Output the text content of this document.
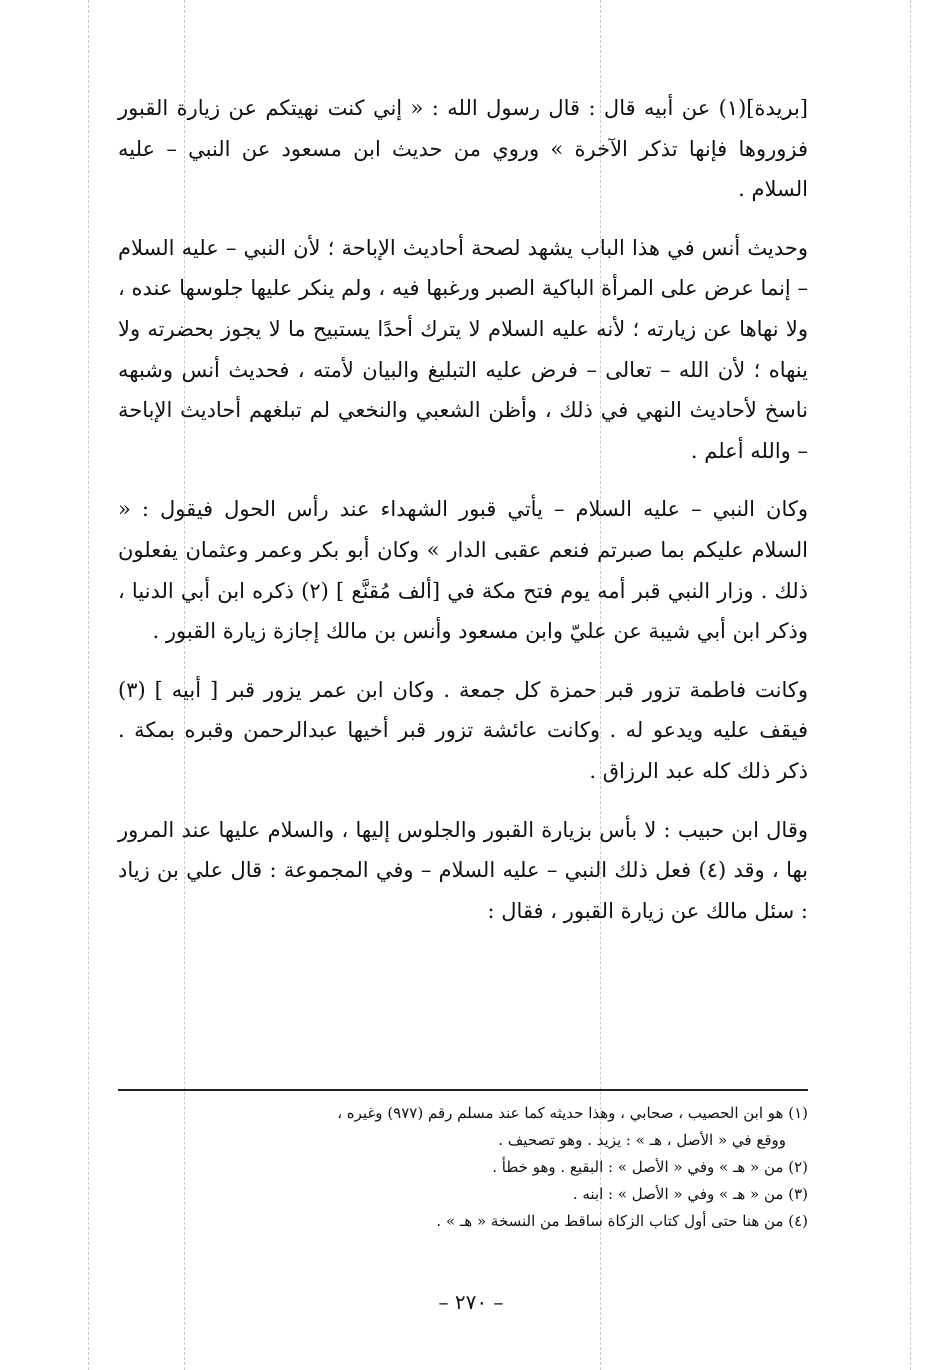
[بريدة](١) عن أبيه قال : قال رسول الله : « إني كنت نهيتكم عن زيارة القبور فزوروها فإنها تذكر الآخرة » وروي من حديث ابن مسعود عن النبي – عليه السلام .

وحديث أنس في هذا الباب يشهد لصحة أحاديث الإباحة ؛ لأن النبي – عليه السلام – إنما عرض على المرأة الباكية الصبر ورغبها فيه ، ولم ينكر عليها جلوسها عنده ، ولا نهاها عن زيارته ؛ لأنه عليه السلام لا يترك أحدًا يستبيح ما لا يجوز بحضرته ولا ينهاه ؛ لأن الله – تعالى – فرض عليه التبليغ والبيان لأمته ، فحديث أنس وشبهه ناسخ لأحاديث النهي في ذلك ، وأظن الشعبي والنخعي لم تبلغهم أحاديث الإباحة – والله أعلم .

وكان النبي – عليه السلام – يأتي قبور الشهداء عند رأس الحول فيقول : « السلام عليكم بما صبرتم فنعم عقبى الدار » وكان أبو بكر وعمر وعثمان يفعلون ذلك . وزار النبي قبر أمه يوم فتح مكة في [ألف مُقنَّع ] (٢) ذكره ابن أبي الدنيا ، وذكر ابن أبي شيبة عن عليّ وابن مسعود وأنس بن مالك إجازة زيارة القبور .

وكانت فاطمة تزور قبر حمزة كل جمعة . وكان ابن عمر يزور قبر [ أبيه ] (٣) فيقف عليه ويدعو له . وكانت عائشة تزور قبر أخيها عبدالرحمن وقبره بمكة . ذكر ذلك كله عبد الرزاق .

وقال ابن حبيب : لا بأس بزيارة القبور والجلوس إليها ، والسلام عليها عند المرور بها ، وقد (٤) فعل ذلك النبي – عليه السلام – وفي المجموعة : قال علي بن زياد : سئل مالك عن زيارة القبور ، فقال :

(١) هو ابن الحصيب ، صحابي ، وهذا حديثه كما عند مسلم رقم (٩٧٧) وغيره ،

ووقع في « الأصل ، هـ » : يزيد . وهو تصحيف .

(٢) من « هـ » وفي « الأصل » : البقيع . وهو خطأ .

(٣) من « هـ » وفي « الأصل » : ابنه .

(٤) من هنا حتى أول كتاب الزكاة ساقط من النسخة « هـ » .

– ٢٧٠ –
